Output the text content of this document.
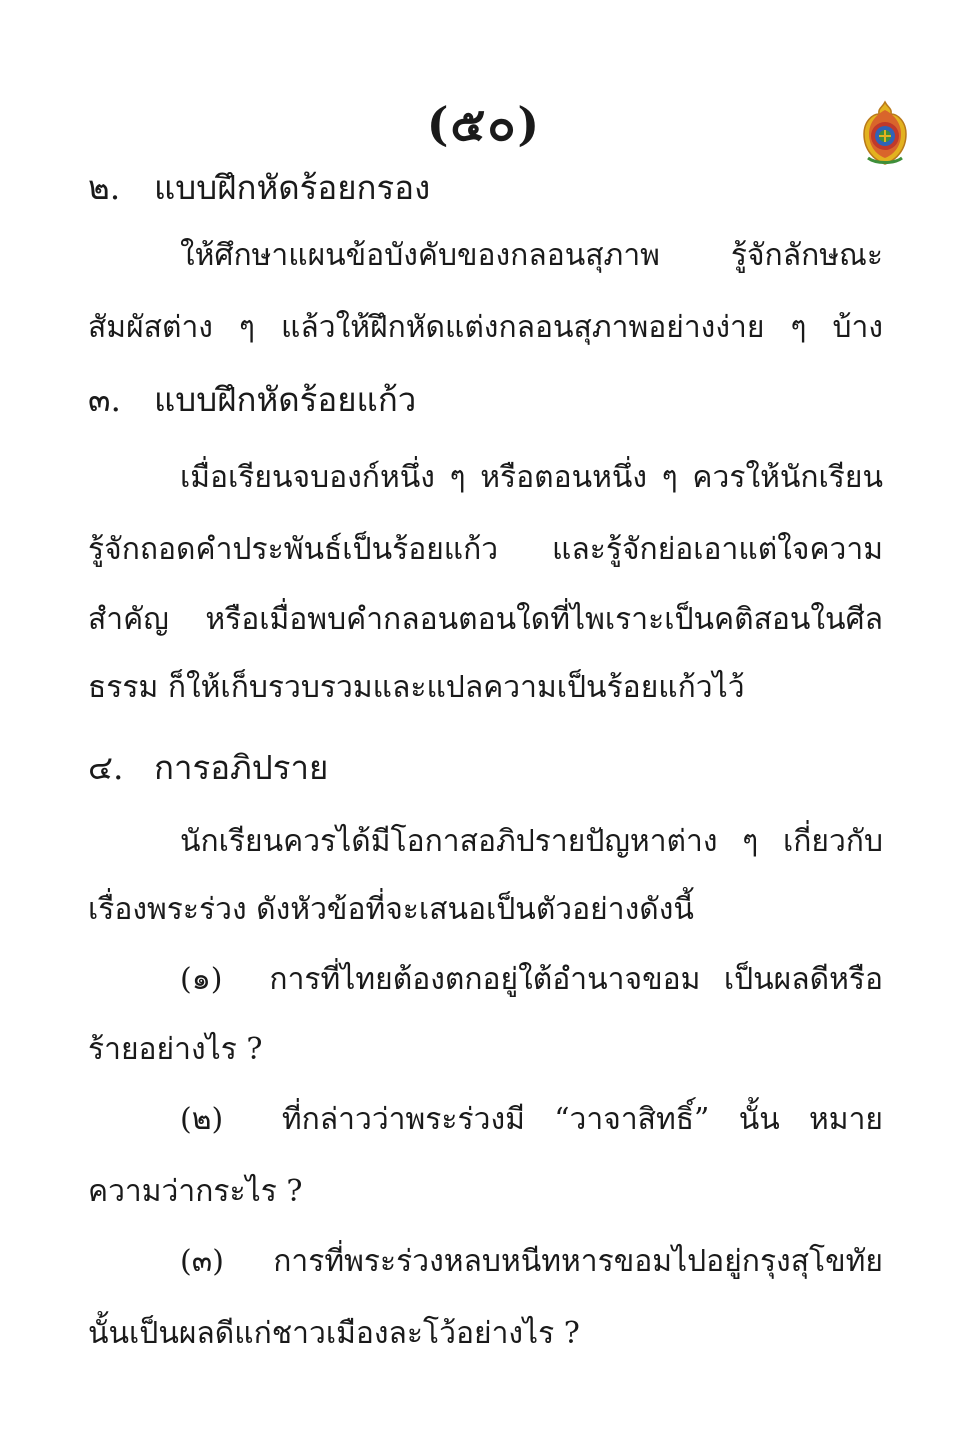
(๕๐)
๒. แบบฝึกหัดร้อยกรอง
ให้ศึกษาแผนข้อบังคับของกลอนสุภาพ รู้จักลักษณะ
สัมผัสต่าง ๆ แล้วให้ฝึกหัดแต่งกลอนสุภาพอย่างง่าย ๆ บ้าง
๓. แบบฝึกหัดร้อยแก้ว
เมื่อเรียนจบองก์หนึ่ง ๆ หรือตอนหนึ่ง ๆ ควรให้นักเรียน
รู้จักถอดคำประพันธ์เป็นร้อยแก้ว และรู้จักย่อเอาแต่ใจความ
สำคัญ หรือเมื่อพบคำกลอนตอนใดที่ไพเราะเป็นคติสอนในศีล
ธรรม ก็ให้เก็บรวบรวมและแปลความเป็นร้อยแก้วไว้
๔. การอภิปราย
นักเรียนควรได้มีโอกาสอภิปรายปัญหาต่าง ๆ เกี่ยวกับ
เรื่องพระร่วง ดังหัวข้อที่จะเสนอเป็นตัวอย่างดังนี้
(๑) การที่ไทยต้องตกอยู่ใต้อำนาจขอม เป็นผลดีหรือ
ร้ายอย่างไร ?
(๒) ที่กล่าวว่าพระร่วงมี “วาจาสิทธิ์” นั้น หมาย
ความว่ากระไร ?
(๓) การที่พระร่วงหลบหนีทหารขอมไปอยู่กรุงสุโขทัย
นั้นเป็นผลดีแก่ชาวเมืองละโว้อย่างไร ?
